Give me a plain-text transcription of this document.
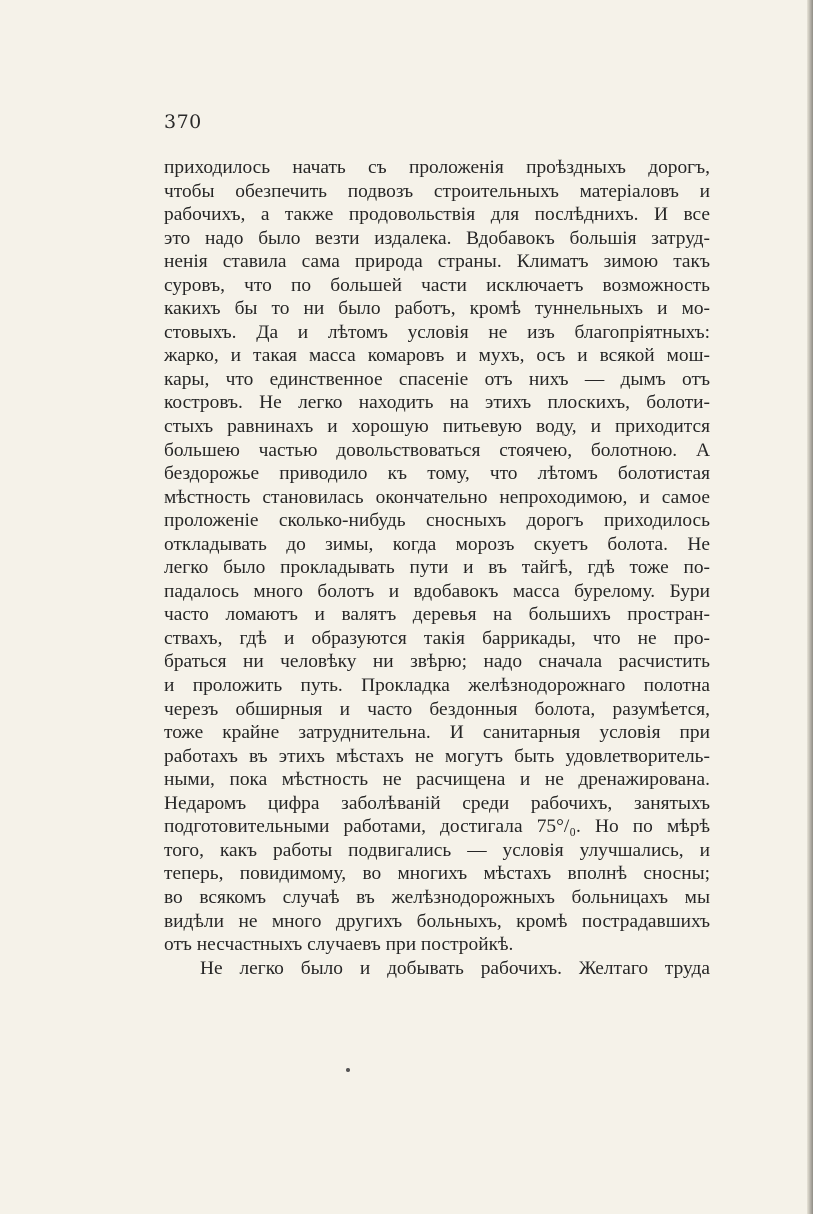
370
приходилось начать съ проложенія проѣздныхъ дорогъ,
чтобы обезпечить подвозъ строительныхъ матеріаловъ и
рабочихъ, а также продовольствія для послѣднихъ. И все
это надо было везти издалека. Вдобавокъ большія затруд-
ненія ставила сама природа страны. Климатъ зимою такъ
суровъ, что по большей части исключаетъ возможность
какихъ бы то ни было работъ, кромѣ туннельныхъ и мо-
стовыхъ. Да и лѣтомъ условія не изъ благопріятныхъ:
жарко, и такая масса комаровъ и мухъ, осъ и всякой мош-
кары, что единственное спасеніе отъ нихъ — дымъ отъ
костровъ. Не легко находить на этихъ плоскихъ, болоти-
стыхъ равнинахъ и хорошую питьевую воду, и приходится
большею частью довольствоваться стоячею, болотною. А
бездорожье приводило къ тому, что лѣтомъ болотистая
мѣстность становилась окончательно непроходимою, и самое
проложеніе сколько-нибудь сносныхъ дорогъ приходилось
откладывать до зимы, когда морозъ скуетъ болота. Не
легко было прокладывать пути и въ тайгѣ, гдѣ тоже по-
падалось много болотъ и вдобавокъ масса бурелому. Бури
часто ломаютъ и валятъ деревья на большихъ простран-
ствахъ, гдѣ и образуются такія баррикады, что не про-
браться ни человѣку ни звѣрю; надо сначала расчистить
и проложить путь. Прокладка желѣзнодорожнаго полотна
черезъ обширныя и часто бездонныя болота, разумѣется,
тоже крайне затруднительна. И санитарныя условія при
работахъ въ этихъ мѣстахъ не могутъ быть удовлетворитель-
ными, пока мѣстность не расчищена и не дренажирована.
Недаромъ цифра заболѣваній среди рабочихъ, занятыхъ
подготовительными работами, достигала 75°/₀. Но по мѣрѣ
того, какъ работы подвигались — условія улучшались, и
теперь, повидимому, во многихъ мѣстахъ вполнѣ сносны;
во всякомъ случаѣ въ желѣзнодорожныхъ больницахъ мы
видѣли не много другихъ больныхъ, кромѣ пострадавшихъ
отъ несчастныхъ случаевъ при постройкѣ.
Не легко было и добывать рабочихъ. Желтаго труда
